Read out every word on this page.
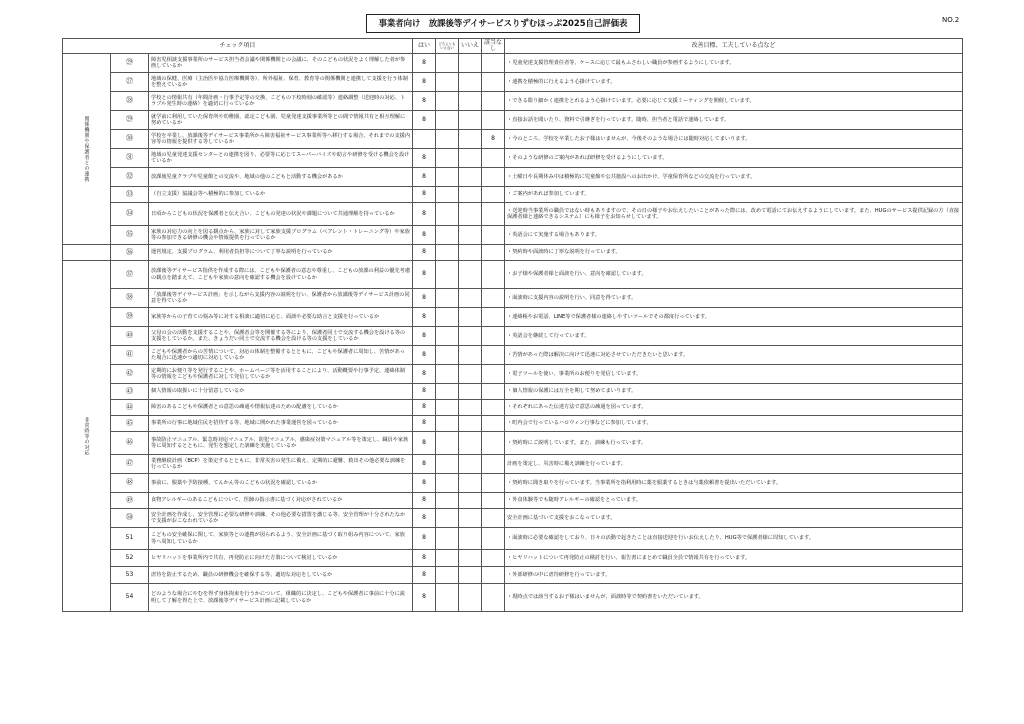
事業者向け　放課後等デイサービスりずむほっぷ2025自己評価表	NO.2
チェック項目			はい	どちらともいえない	いいえ	該当なし	改善目標、工夫している点など

関係機関や保護者との連携	㉙	障害児相談支援事業所のサービス担当者会議や関係機関との会議に、そのこどもの状況をよく理解した者が参画しているか	8				・児童発達支援管理責任者等、ケースに応じて最もふさわしい職員が参画するようにしています。
	㉗	地域の保健、医療（主治医や協力医療機関等）、所外福祉、保育、教育等の関係機関と連携して支援を行う体制を整えているか	8				・連携を積極的に行えるよう心掛けています。
	㉘	学校との情報共有（年間計画・行事予定等の交換、こどもの下校時刻の確認等）連絡調整（送迎時の対応、トラブル発生時の連絡）を適切に行っているか	8				・できる限り細かく連携をとれるよう心掛けています。必要に応じて支援ミーティングを開催しています。
	㉙	就学前に利用していた保育所や幼稚園、認定こども園、児童発達支援事業所等との間で情報共有と相互理解に努めているか	8				・直接お話を聞いたり、資料で引継ぎを行っています。随時、担当者と電話で連絡しています。
	㉚	学校を卒業し、放課後等デイサービス事業所から障害福祉サービス事業所等へ移行する場合、それまでの支援内容等の情報を提供する等しているか				8	・今のところ、学校を卒業したお子様はいませんが、今後そのような場合には随時対応してまいります。
	㉛	地域の児童発達支援センターとの連携を図り、必要等に応じてスーパーバイズや助言や研修を受ける機会を設けているか	8				・そのような研修のご案内があれば研修を受けるようにしています。
	㉜	放課後児童クラブや児童館との交流や、地域の他のこどもと活動する機会があるか	8				・土曜日や長期休み中は積極的に児童館や公共施設へのお出かけ、学童保育所などの交流を行っています。
	㉝	（自立支援）協議会等へ積極的に参加しているか	8				・ご案内があれば参加しています。
	㉞	日頃からこどもの状況を保護者と伝え合い、こどもの発達の状況や課題について共通理解を持っているか	8				・送迎時当事業所の職員ではない時もありますので、その日の様子やお伝えしたいことがあった際には、改めて電話にてお伝えするようにしています。また、HUGのサービス提供記録の方（直接保護者様と連絡できるシステム）にも様子をお知らせしています。
	㉟	家族の対応力の向上を図る観点から、家族に対して家族支援プログラム（ペアレント・トレーニング等）や家族等の参加できる研修の機会や情報提供を行っているか	8				・英語会にて実施する場合もあります。

	㊱	運営規定、支援プログラム、利用者負担等について丁寧な説明を行っているか	8				・契約時や面談時に丁寧な説明を行っています。

非常時等の対応	㊲	放課後等デイサービス指供を作成する際には、こどもや保護者の意志や尊重し、こどもの放課の利益の優先考慮の観点を踏まえて、こどもや家族の意向を確認する機会を設けているか	8				・お子様や保護者様と面談を行い、意向を確認しています。
	㊳	「放課後等デイサービス計画」を示しながら支援内容の説明を行い、保護者から放課後等デイサービス計画の同意を得ているか	8				・面談時に支援内容の説明を行い、同意を得ています。
	㊴	家族等からの子育ての悩み等に対する相談に適切に応じ、面談や必要な助言と支援を行っているか	8				・連絡帳やお電話、LINE等で保護者様の連絡しやすいツールでその都度行っています。
	㊵	父母の会の活動を支援することや、保護者会等を開催する等により、保護者同士で交流する機会を設ける等の支援をしているか。また、きょうだい同士で交流する機会を設ける等の支援をしているか	8				・英語会を継続して行っています。
	㊶	こどもや保護者からの苦情について、対応の体制を整備するとともに、こどもや保護者に周知し、苦情があった場合に迅速かつ適切に対応しているか	8				・苦情があった際は解決に向けて迅速に対応させていただきたいと思います。
	㊷	定期的にお便り等を発行することや、ホームページ等を活用することにより、活動概要や行事予定、連絡体制等の情報をこどもや保護者に対して発信しているか	8				・電子ツールを使い、事業所のお便りを発信しています。
	㊸	個人情報の取扱いに十分留意しているか	8				・個人情報の保護には万全を期して努めてまいります。
	㊹	障害のあるこどもや保護者との意思の疎通や情報伝達のための配慮をしているか	8				・それぞれにあった伝達方法で意思の疎通を図っています。
	㊺	事業所の行事に地域住民を招待する等、地域に開かれた事業運営を図っているか	8				・町内会で行っているハロウィン行事などに参加しています。
	㊻	事故防止マニュアル、緊急時対応マニュアル、防犯マニュアル、感染症対策マニュアル等を策定し、職員や家族等に周知するとともに、発生を想定した訓練を実施しているか	8				・契約時にご説明しています。また、訓練も行っています。
	㊼	業務継続計画（BCP）を策定するとともに、非常災害の発生に備え、定期的に避難、救出その他必要な訓練を行っているか	8				計画を策定し、災害時に備え訓練を行っています。
	㊽	事前に、服薬や予防接種、てんかん等のこどもの状況を確認しているか	8				・契約時に聞き取りを行っています。当事業所を指利用時に薬を服薬するときは与薬依頼書を提出いただいています。
	㊾	食物アレルギーのあるこどもについて、医師の指示書に基づく対応がされているか	8				・外食体験等でも随時アレルギーの確認をとっています。
	㊿	安全計画を作成し、安全管理に必要な研修や訓練、その他必要な措置を講じる等、安全管理が十分されたなかで支援がおこなわれているか	8				安全計画に基づいて支援をおこなっています。
	51	こどもの安全確保に関して、家族等との連携が図られるよう、安全計画に基づく取り組み内容について、家族等へ周知しているか	8				・面談時に必要な確認をしており、日々の活動で起きたことは直接送迎を行いお伝えしたり、HUG等で保護者様に周知しています。
	52	ヒヤリハットを事業所内で共有、再発防止に向けた方策について検討しているか	8				・ヒヤリハットについて再発防止の検討を行い、報告書にまとめて職員全員で情報共有を行っています。
	53	虐待を防止するため、職員の研修機会を確保する等、適切な対応をしているか	8				・外部研修の中に虐待研修を行っています。
	54	どのような場合にやむを得ず身体拘束を行うかについて、組織的に決定し、こどもや保護者に事前に十分に説明して了解を得た上で、放課後等デイサービス計画に記載しているか	8				・現時点では該当するお子様はいませんが、面談時等で契約書をいただいています。
